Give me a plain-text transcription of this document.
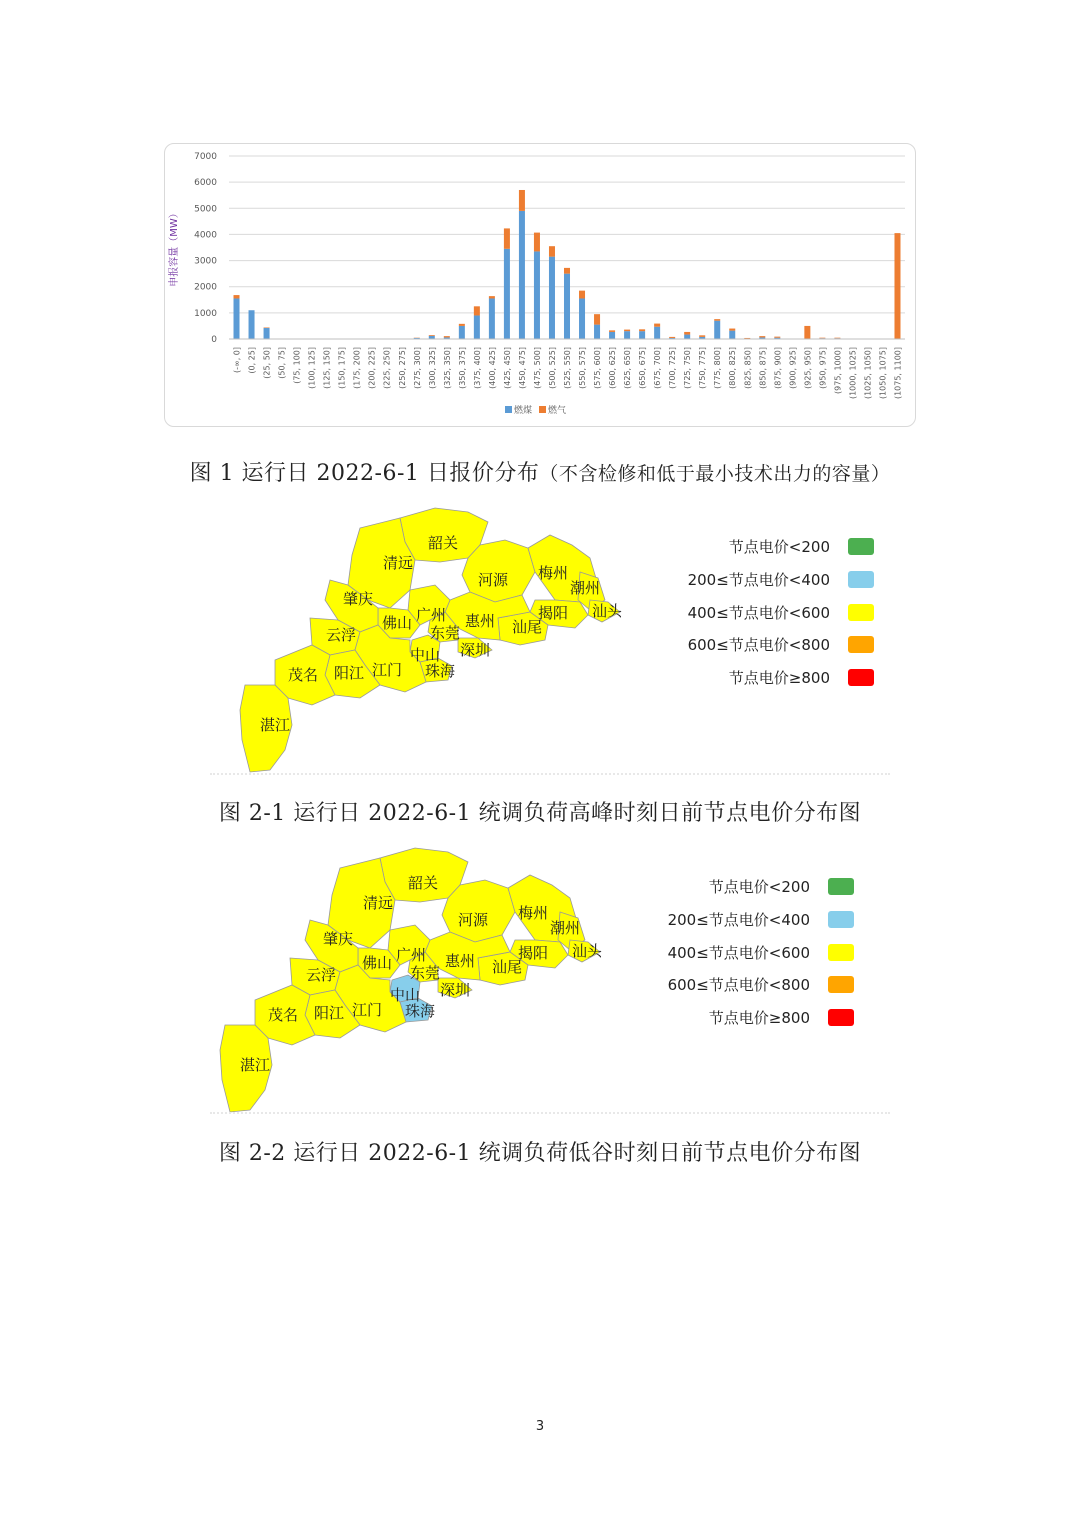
0
1000
2000
3000
4000
5000
6000
7000
申报容量（MW）
(-∞, 0] (0, 25] (25, 50] (50, 75] (75, 100] (100, 125] (125, 150] (150, 175] (175, 200] (200, 225] (225, 250] (250, 275] (275, 300] (300, 325] (325, 350] (350, 375] (375, 400] (400, 425] (425, 450] (450, 475] (475, 500] (500, 525] (525, 550] (550, 575] (575, 600] (600, 625] (625, 650] (650, 675] (675, 700] (700, 725] (725, 750] (750, 775] (775, 800] (800, 825] (825, 850] (850, 875] (875, 900] (900, 925] (925, 950] (950, 975] (975, 1000] (1000, 1025] (1025, 1050] (1050, 1075] (1075, 1100]
燃煤 燃气
图 1 运行日 2022-6-1 日报价分布（不含检修和低于最小技术出力的容量）
韶关
清远
河源 梅州
潮州
汕头
揭阳
汕尾
惠州
深圳
东莞
广州
佛山
肇庆
云浮
中山
珠海
江门
阳江
茂名
湛江
节点电价<200
200≤节点电价<400
400≤节点电价<600
600≤节点电价<800
节点电价≥800
图 2-1 运行日 2022-6-1 统调负荷高峰时刻日前节点电价分布图
韶关
清远
河源 梅州
潮州
汕头
揭阳
汕尾
惠州
深圳
东莞
广州
佛山
肇庆
云浮
中山
珠海
江门
阳江
茂名
湛江
节点电价<200
200≤节点电价<400
400≤节点电价<600
600≤节点电价<800
节点电价≥800
图 2-2 运行日 2022-6-1 统调负荷低谷时刻日前节点电价分布图
3
